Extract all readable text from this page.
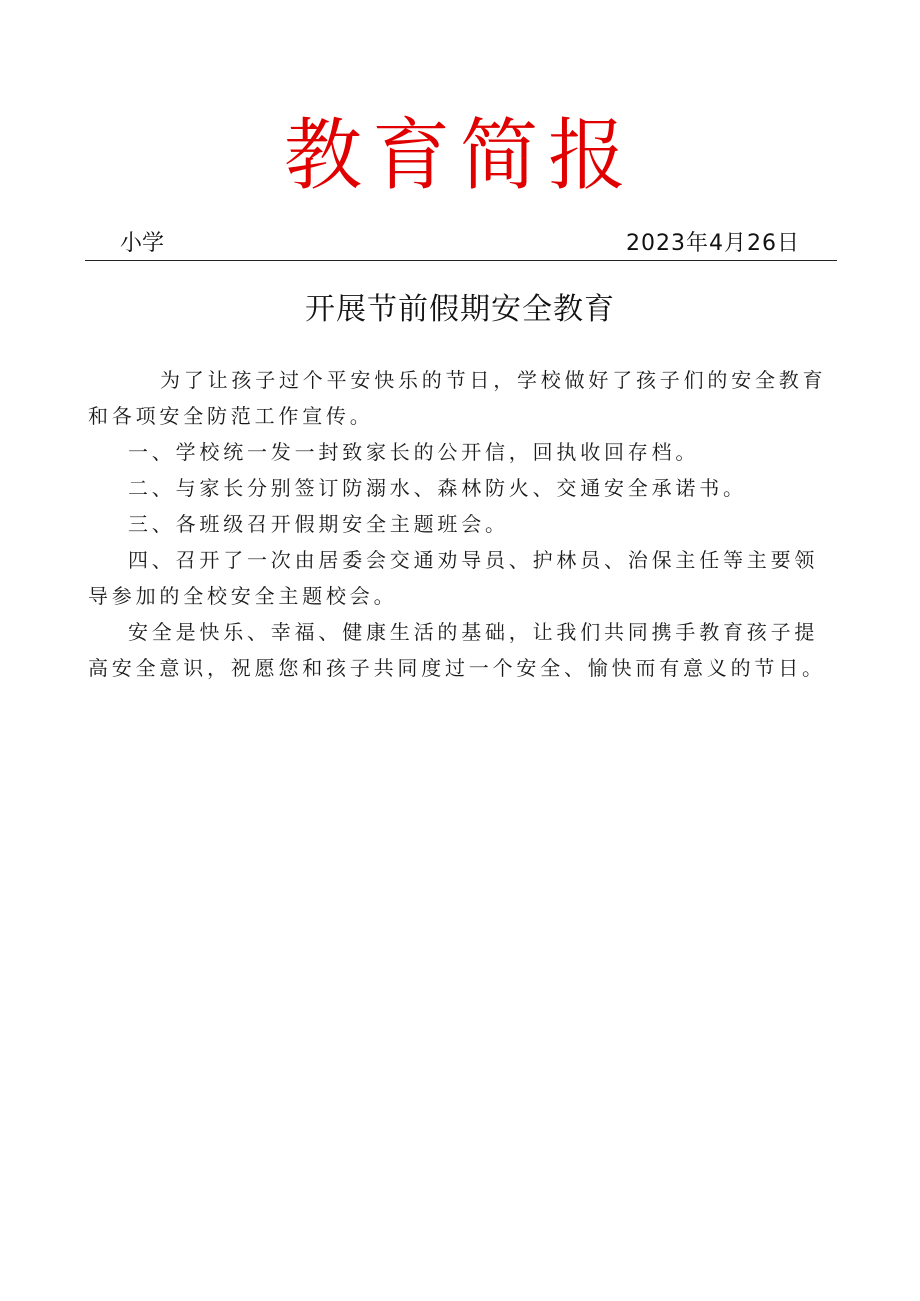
教育简报
小学	2023年4月26日
开展节前假期安全教育

为了让孩子过个平安快乐的节日，学校做好了孩子们的安全教育和各项安全防范工作宣传。

一、学校统一发一封致家长的公开信，回执收回存档。

二、与家长分别签订防溺水、森林防火、交通安全承诺书。

三、各班级召开假期安全主题班会。

四、召开了一次由居委会交通劝导员、护林员、治保主任等主要领导参加的全校安全主题校会。

安全是快乐、幸福、健康生活的基础，让我们共同携手教育孩子提高安全意识，祝愿您和孩子共同度过一个安全、愉快而有意义的节日。
